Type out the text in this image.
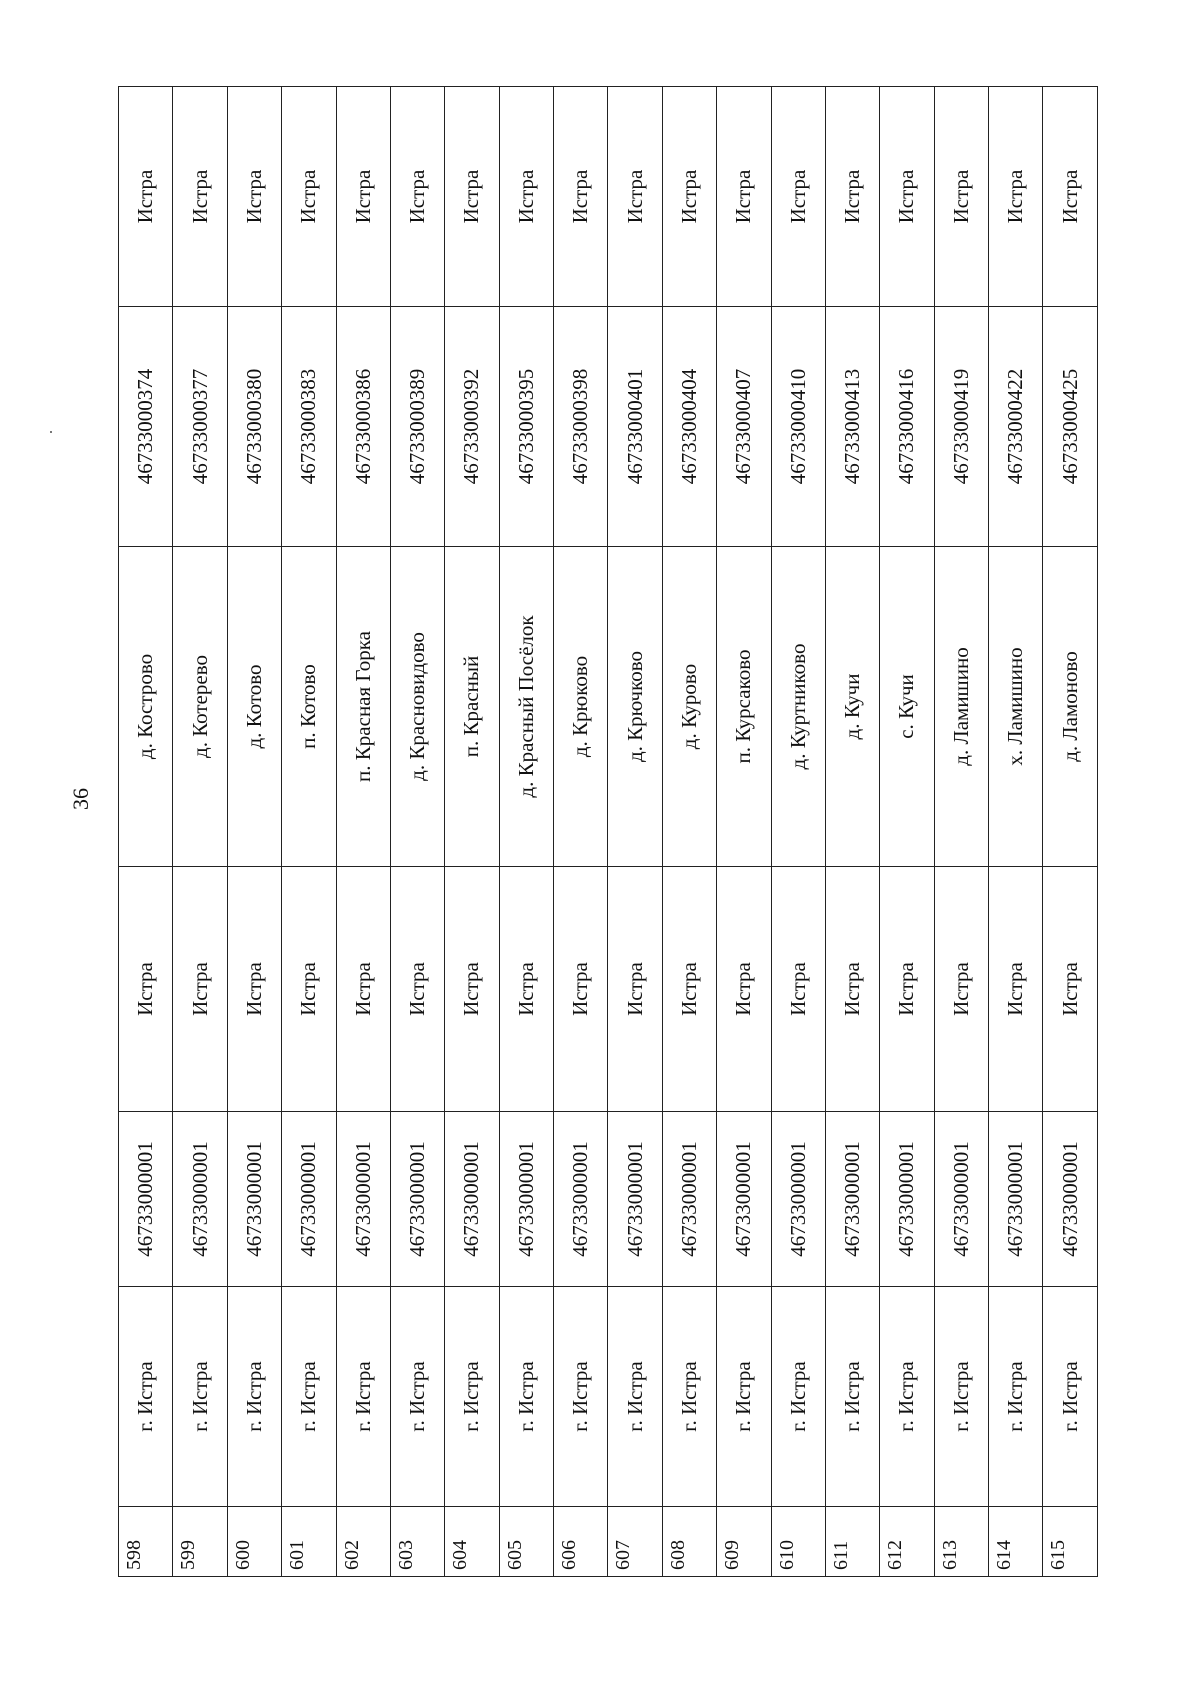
36
598	г. Истра	46733000001	Истра	д. Кострово	46733000374	Истра
599	г. Истра	46733000001	Истра	д. Котерево	46733000377	Истра
600	г. Истра	46733000001	Истра	д. Котово	46733000380	Истра
601	г. Истра	46733000001	Истра	п. Котово	46733000383	Истра
602	г. Истра	46733000001	Истра	п. Красная Горка	46733000386	Истра
603	г. Истра	46733000001	Истра	д. Красновидово	46733000389	Истра
604	г. Истра	46733000001	Истра	п. Красный	46733000392	Истра
605	г. Истра	46733000001	Истра	д. Красный Посёлок	46733000395	Истра
606	г. Истра	46733000001	Истра	д. Крюково	46733000398	Истра
607	г. Истра	46733000001	Истра	д. Крючково	46733000401	Истра
608	г. Истра	46733000001	Истра	д. Курово	46733000404	Истра
609	г. Истра	46733000001	Истра	п. Курсаково	46733000407	Истра
610	г. Истра	46733000001	Истра	д. Куртниково	46733000410	Истра
611	г. Истра	46733000001	Истра	д. Кучи	46733000413	Истра
612	г. Истра	46733000001	Истра	с. Кучи	46733000416	Истра
613	г. Истра	46733000001	Истра	д. Ламишино	46733000419	Истра
614	г. Истра	46733000001	Истра	х. Ламишино	46733000422	Истра
615	г. Истра	46733000001	Истра	д. Ламоново	46733000425	Истра
